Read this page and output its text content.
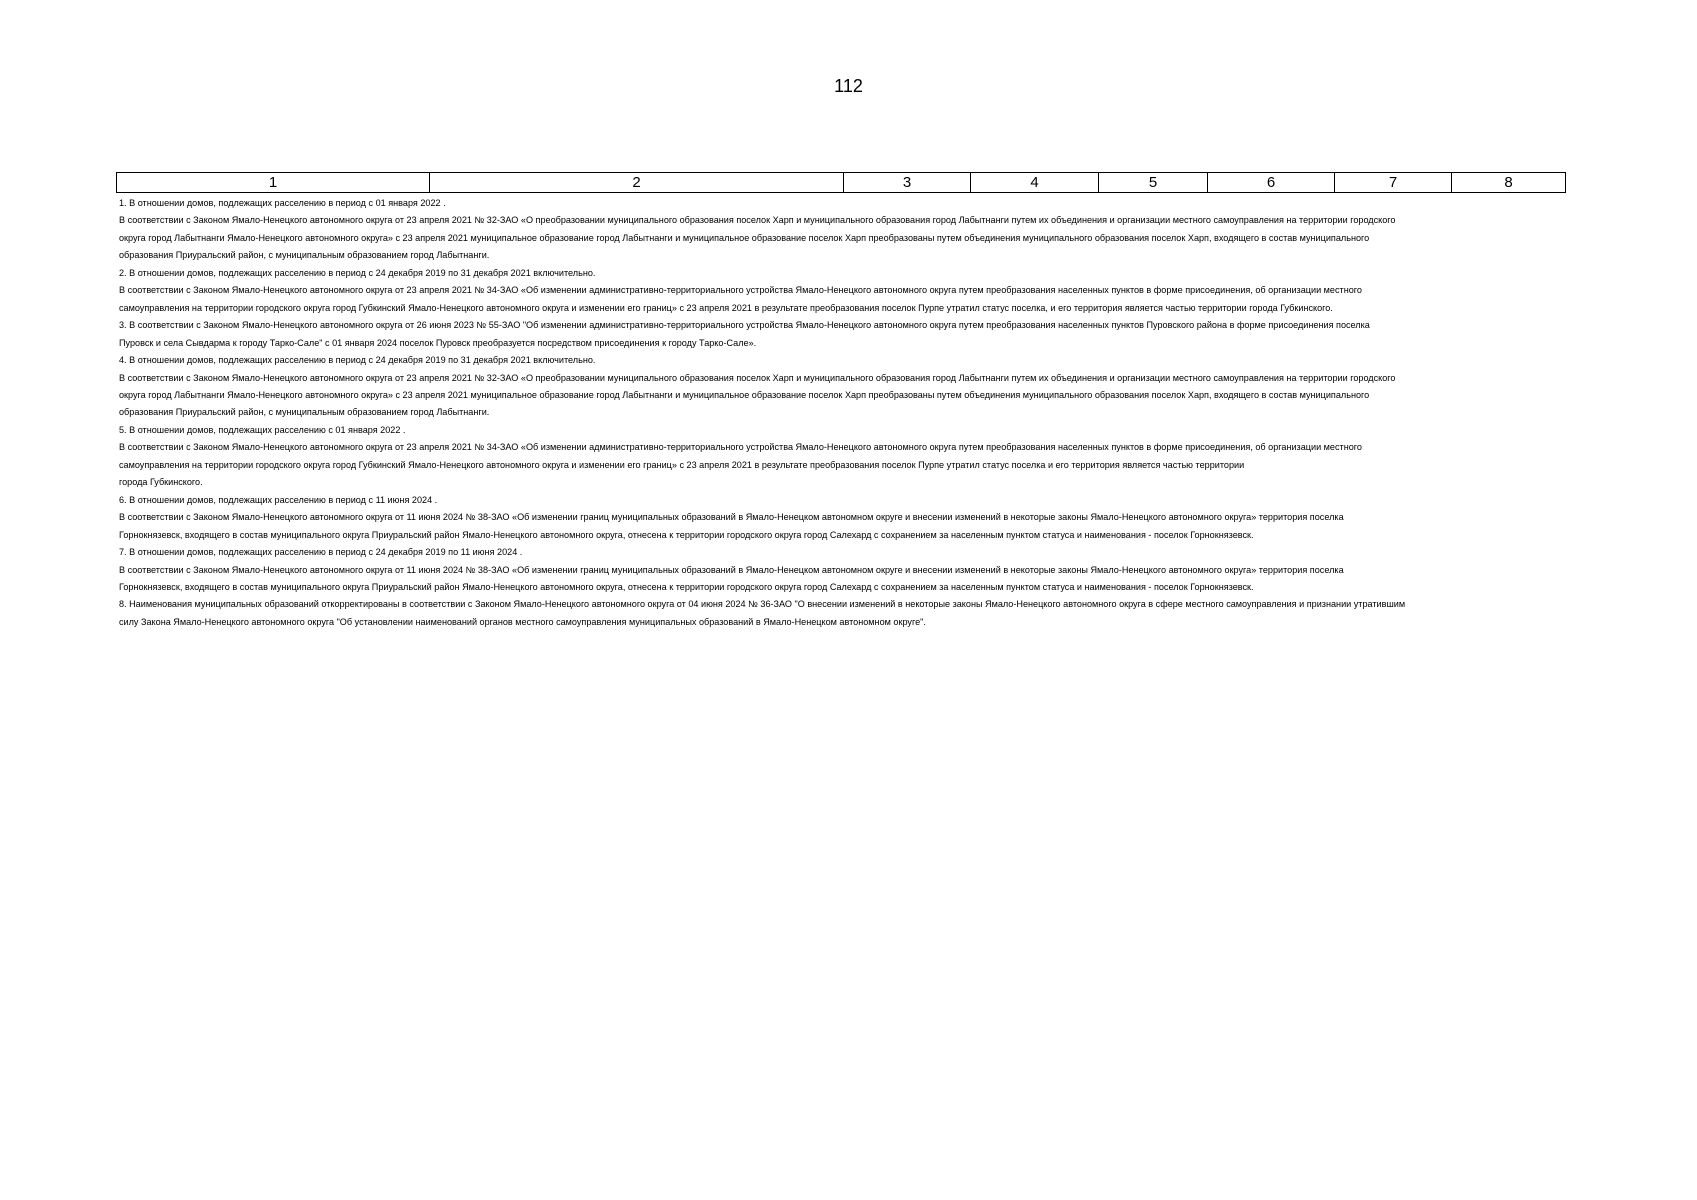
112
1	2	3	4	5	6	7	8

1. В отношении домов, подлежащих расселению в период с 01 января 2022 .

В соответствии с Законом Ямало-Ненецкого автономного округа от 23 апреля 2021 № 32-ЗАО «О преобразовании муниципального образования поселок Харп и муниципального образования город Лабытнанги путем их объединения и организации местного самоуправления на территории городского

округа город Лабытнанги Ямало-Ненецкого автономного округа» с 23 апреля 2021 муниципальное образование город Лабытнанги и муниципальное образование поселок Харп преобразованы путем объединения муниципального образования поселок Харп, входящего в состав муниципального

образования Приуральский район, с муниципальным образованием город Лабытнанги.

2. В отношении домов, подлежащих расселению в период с 24 декабря 2019 по 31 декабря 2021 включительно.

В соответствии с Законом Ямало-Ненецкого автономного округа от 23 апреля 2021 № 34-ЗАО «Об изменении административно-территориального устройства Ямало-Ненецкого автономного округа путем преобразования населенных пунктов в форме присоединения, об организации местного

самоуправления на территории городского округа город Губкинский Ямало-Ненецкого автономного округа и изменении его границ» с 23 апреля 2021 в результате преобразования поселок Пурпе утратил статус поселка, и его территория является частью территории города Губкинского.

3. В соответствии с Законом Ямало-Ненецкого автономного округа от 26 июня 2023 № 55-ЗАО "Об изменении административно-территориального устройства Ямало-Ненецкого автономного округа путем преобразования населенных пунктов Пуровского района в форме присоединения поселка

Пуровск и села Сывдарма к городу Тарко-Сале" с 01 января 2024 поселок Пуровск преобразуется посредством присоединения к городу Тарко-Сале».

4. В отношении домов, подлежащих расселению в период с 24 декабря 2019 по 31 декабря 2021 включительно.

В соответствии с Законом Ямало-Ненецкого автономного округа от 23 апреля 2021 № 32-ЗАО «О преобразовании муниципального образования поселок Харп и муниципального образования город Лабытнанги путем их объединения и организации местного самоуправления на территории городского

округа город Лабытнанги Ямало-Ненецкого автономного округа» с 23 апреля 2021 муниципальное образование город Лабытнанги и муниципальное образование поселок Харп преобразованы путем объединения муниципального образования поселок Харп, входящего в состав муниципального

образования Приуральский район, с муниципальным образованием город Лабытнанги.

5. В отношении домов, подлежащих расселению с 01 января 2022 .

В соответствии с Законом Ямало-Ненецкого автономного округа от 23 апреля 2021 № 34-ЗАО «Об изменении административно-территориального устройства Ямало-Ненецкого автономного округа путем преобразования населенных пунктов в форме присоединения, об организации местного

самоуправления на территории городского округа город Губкинский Ямало-Ненецкого автономного округа и изменении его границ» с 23 апреля 2021 в результате преобразования поселок Пурпе утратил статус поселка и его территория является частью территории

города Губкинского.

6. В отношении домов, подлежащих расселению в период с 11 июня 2024 .

В соответствии с Законом Ямало-Ненецкого автономного округа от 11 июня 2024 № 38-ЗАО «Об изменении границ муниципальных образований в Ямало-Ненецком автономном округе и внесении изменений в некоторые законы Ямало-Ненецкого автономного округа» территория поселка

Горнокнязевск, входящего в состав муниципального округа Приуральский район Ямало-Ненецкого автономного округа, отнесена к территории городского округа город Салехард с сохранением за населенным пунктом статуса и наименования - поселок Горнокнязевск.

7. В отношении домов, подлежащих расселению в период с 24 декабря 2019 по 11 июня 2024 .

В соответствии с Законом Ямало-Ненецкого автономного округа от 11 июня 2024 № 38-ЗАО «Об изменении границ муниципальных образований в Ямало-Ненецком автономном округе и внесении изменений в некоторые законы Ямало-Ненецкого автономного округа» территория поселка

Горнокнязевск, входящего в состав муниципального округа Приуральский район Ямало-Ненецкого автономного округа, отнесена к территории городского округа город Салехард с сохранением за населенным пунктом статуса и наименования - поселок Горнокнязевск.

8. Наименования муниципальных образований откорректированы в соответствии с Законом Ямало-Ненецкого автономного округа от 04 июня 2024 № 36-ЗАО "О внесении изменений в некоторые законы Ямало-Ненецкого автономного округа в сфере местного самоуправления и признании утратившим

силу Закона Ямало-Ненецкого автономного округа "Об установлении наименований органов местного самоуправления муниципальных образований в Ямало-Ненецком автономном округе".
